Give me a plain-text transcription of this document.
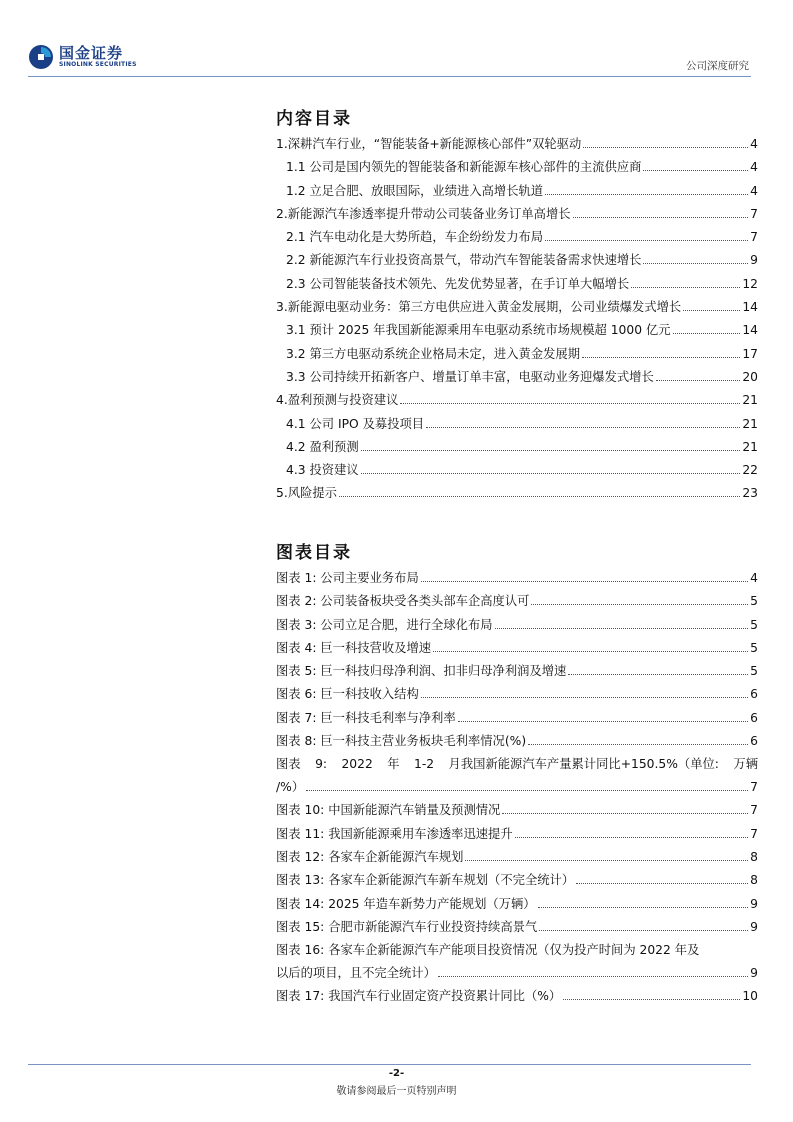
国金证券
SINOLINK SECURITIES	公司深度研究
内容目录
1.深耕汽车行业，“智能装备+新能源核心部件”双轮驱动	4
1.1 公司是国内领先的智能装备和新能源车核心部件的主流供应商	4
1.2 立足合肥、放眼国际，业绩进入高增长轨道	4
2.新能源汽车渗透率提升带动公司装备业务订单高增长	7
2.1 汽车电动化是大势所趋，车企纷纷发力布局	7
2.2 新能源汽车行业投资高景气，带动汽车智能装备需求快速增长	9
2.3 公司智能装备技术领先、先发优势显著，在手订单大幅增长	12
3.新能源电驱动业务：第三方电供应进入黄金发展期，公司业绩爆发式增长	14
3.1 预计 2025 年我国新能源乘用车电驱动系统市场规模超 1000 亿元	14
3.2 第三方电驱动系统企业格局未定，进入黄金发展期	17
3.3 公司持续开拓新客户、增量订单丰富，电驱动业务迎爆发式增长	20
4.盈利预测与投资建议	21
4.1 公司 IPO 及募投项目	21
4.2 盈利预测	21
4.3 投资建议	22
5.风险提示	23
图表目录
图表 1: 公司主要业务布局	4
图表 2: 公司装备板块受各类头部车企高度认可	5
图表 3: 公司立足合肥，进行全球化布局	5
图表 4: 巨一科技营收及增速	5
图表 5: 巨一科技归母净利润、扣非归母净利润及增速	5
图表 6: 巨一科技收入结构	6
图表 7: 巨一科技毛利率与净利率	6
图表 8: 巨一科技主营业务板块毛利率情况(%)	6
图表 9: 2022 年 1-2 月我国新能源汽车产量累计同比+150.5%（单位: 万辆
/%）	7
图表 10: 中国新能源汽车销量及预测情况	7
图表 11: 我国新能源乘用车渗透率迅速提升	7
图表 12: 各家车企新能源汽车规划	8
图表 13: 各家车企新能源汽车新车规划（不完全统计）	8
图表 14: 2025 年造车新势力产能规划（万辆）	9
图表 15: 合肥市新能源汽车行业投资持续高景气	9
图表 16: 各家车企新能源汽车产能项目投资情况（仅为投产时间为 2022 年及
以后的项目，且不完全统计）	9
图表 17: 我国汽车行业固定资产投资累计同比（%）	10
-2-
敬请参阅最后一页特别声明
